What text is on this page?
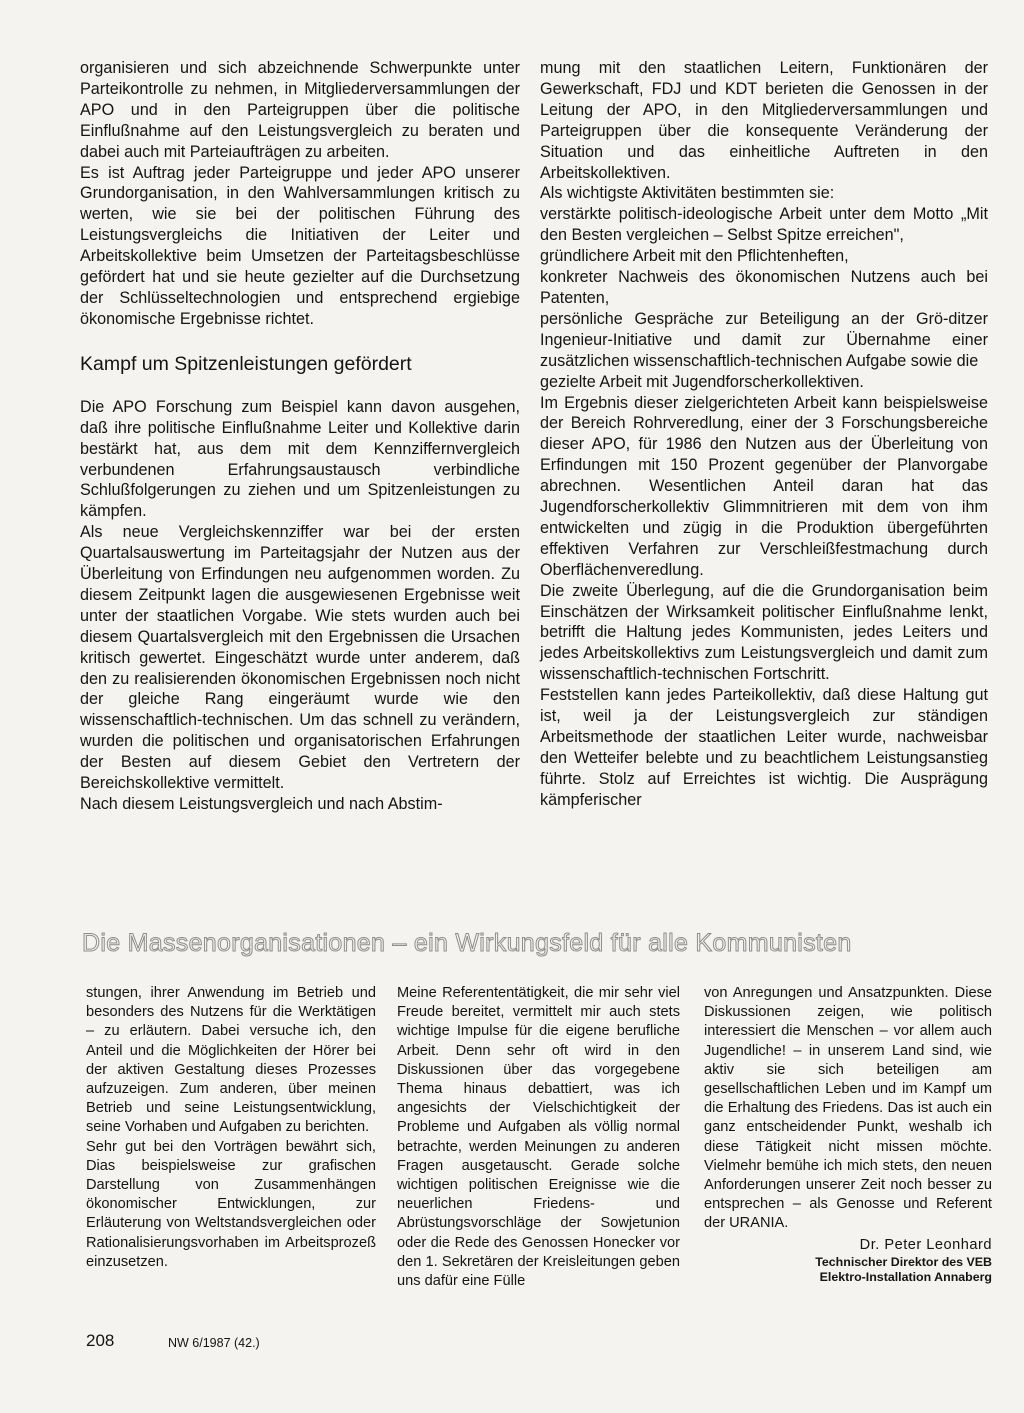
organisieren und sich abzeichnende Schwerpunkte unter Parteikontrolle zu nehmen, in Mitgliederversammlungen der APO und in den Parteigruppen über die politische Einflußnahme auf den Leistungsvergleich zu beraten und dabei auch mit Parteiaufträgen zu arbeiten.

Es ist Auftrag jeder Parteigruppe und jeder APO unserer Grundorganisation, in den Wahlversammlungen kritisch zu werten, wie sie bei der politischen Führung des Leistungsvergleichs die Initiativen der Leiter und Arbeitskollektive beim Umsetzen der Parteitagsbeschlüsse gefördert hat und sie heute gezielter auf die Durchsetzung der Schlüsseltechnologien und entsprechend ergiebige ökonomische Ergebnisse richtet.

Kampf um Spitzenleistungen gefördert

Die APO Forschung zum Beispiel kann davon ausgehen, daß ihre politische Einflußnahme Leiter und Kollektive darin bestärkt hat, aus dem mit dem Kennziffernvergleich verbundenen Erfahrungsaustausch verbindliche Schlußfolgerungen zu ziehen und um Spitzenleistungen zu kämpfen.

Als neue Vergleichskennziffer war bei der ersten Quartalsauswertung im Parteitagsjahr der Nutzen aus der Überleitung von Erfindungen neu aufgenommen worden. Zu diesem Zeitpunkt lagen die ausgewiesenen Ergebnisse weit unter der staatlichen Vorgabe. Wie stets wurden auch bei diesem Quartalsvergleich mit den Ergebnissen die Ursachen kritisch gewertet. Eingeschätzt wurde unter anderem, daß den zu realisierenden ökonomischen Ergebnissen noch nicht der gleiche Rang eingeräumt wurde wie den wissenschaftlich-technischen. Um das schnell zu verändern, wurden die politischen und organisatorischen Erfahrungen der Besten auf diesem Gebiet den Vertretern der Bereichskollektive vermittelt.

Nach diesem Leistungsvergleich und nach Abstim-

mung mit den staatlichen Leitern, Funktionären der Gewerkschaft, FDJ und KDT berieten die Genossen in der Leitung der APO, in den Mitgliederversammlungen und Parteigruppen über die konsequente Veränderung der Situation und das einheitliche Auftreten in den Arbeitskollektiven.

Als wichtigste Aktivitäten bestimmten sie:

verstärkte politisch-ideologische Arbeit unter dem Motto „Mit den Besten vergleichen – Selbst Spitze erreichen",

gründlichere Arbeit mit den Pflichtenheften,

konkreter Nachweis des ökonomischen Nutzens auch bei Patenten,

persönliche Gespräche zur Beteiligung an der Grö-ditzer Ingenieur-Initiative und damit zur Übernahme einer zusätzlichen wissenschaftlich-technischen Aufgabe sowie die

gezielte Arbeit mit Jugendforscherkollektiven.

Im Ergebnis dieser zielgerichteten Arbeit kann beispielsweise der Bereich Rohrveredlung, einer der 3 Forschungsbereiche dieser APO, für 1986 den Nutzen aus der Überleitung von Erfindungen mit 150 Prozent gegenüber der Planvorgabe abrechnen. Wesentlichen Anteil daran hat das Jugendforscherkollektiv Glimmnitrieren mit dem von ihm entwickelten und zügig in die Produktion übergeführten effektiven Verfahren zur Verschleißfestmachung durch Oberflächenveredlung.

Die zweite Überlegung, auf die die Grundorganisation beim Einschätzen der Wirksamkeit politischer Einflußnahme lenkt, betrifft die Haltung jedes Kommunisten, jedes Leiters und jedes Arbeitskollektivs zum Leistungsvergleich und damit zum wissenschaftlich-technischen Fortschritt.

Feststellen kann jedes Parteikollektiv, daß diese Haltung gut ist, weil ja der Leistungsvergleich zur ständigen Arbeitsmethode der staatlichen Leiter wurde, nachweisbar den Wetteifer belebte und zu beachtlichem Leistungsanstieg führte. Stolz auf Erreichtes ist wichtig. Die Ausprägung kämpferischer

Die Massenorganisationen – ein Wirkungsfeld für alle Kommunisten

stungen, ihrer Anwendung im Betrieb und besonders des Nutzens für die Werktätigen – zu erläutern. Dabei versuche ich, den Anteil und die Möglichkeiten der Hörer bei der aktiven Gestaltung dieses Prozesses aufzuzeigen. Zum anderen, über meinen Betrieb und seine Leistungsentwicklung, seine Vorhaben und Aufgaben zu berichten.

Sehr gut bei den Vorträgen bewährt sich, Dias beispielsweise zur grafischen Darstellung von Zusammenhängen ökonomischer Entwicklungen, zur Erläuterung von Weltstandsvergleichen oder Rationalisierungsvorhaben im Arbeitsprozeß einzusetzen.

Meine Referententätigkeit, die mir sehr viel Freude bereitet, vermittelt mir auch stets wichtige Impulse für die eigene berufliche Arbeit. Denn sehr oft wird in den Diskussionen über das vorgegebene Thema hinaus debattiert, was ich angesichts der Vielschichtigkeit der Probleme und Aufgaben als völlig normal betrachte, werden Meinungen zu anderen Fragen ausgetauscht. Gerade solche wichtigen politischen Ereignisse wie die neuerlichen Friedens- und Abrüstungsvorschläge der Sowjetunion oder die Rede des Genossen Honecker vor den 1. Sekretären der Kreisleitungen geben uns dafür eine Fülle

von Anregungen und Ansatzpunkten. Diese Diskussionen zeigen, wie politisch interessiert die Menschen – vor allem auch Jugendliche! – in unserem Land sind, wie aktiv sie sich beteiligen am gesellschaftlichen Leben und im Kampf um die Erhaltung des Friedens. Das ist auch ein ganz entscheidender Punkt, weshalb ich diese Tätigkeit nicht missen möchte. Vielmehr bemühe ich mich stets, den neuen Anforderungen unserer Zeit noch besser zu entsprechen – als Genosse und Referent der URANIA.

Dr. Peter Leonhard

Technischer Direktor des VEB

Elektro-Installation Annaberg

208	NW 6/1987 (42.)
